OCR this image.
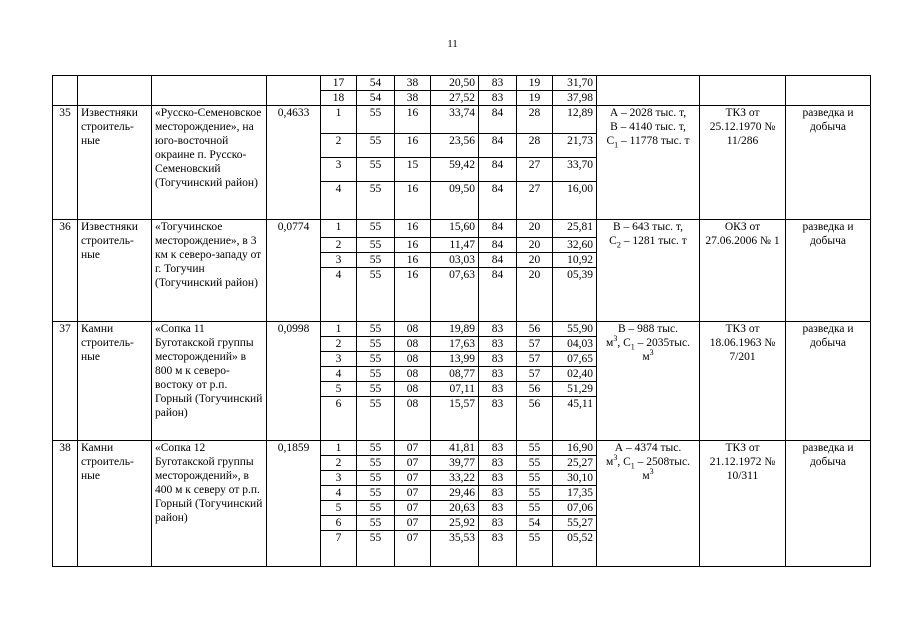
11
				17	54	38	20,50	83	19	31,70			
				18	54	38	27,52	83	19	37,98			
35	Известняки строитель-ные	«Русско-Семеновское месторождение», на юго-восточной окраине п. Русско-Семеновский (Тогучинский район)	0,4633	1	55	16	33,74	84	28	12,89	А – 2028 тыс. т,
В – 4140 тыс. т,
$С_1 - 11778$ тыс. т	ТКЗ от 25.12.1970 № 11/286	разведка и добыча
				2	55	16	23,56	84	28	21,73			
				3	55	15	59,42	84	27	33,70			
				4	55	16	09,50	84	27	16,00			
36	Известняки строитель-ные	«Тогучинское месторождение», в 3 км к северо-западу от г. Тогучин (Тогучинский район)	0,0774	1	55	16	15,60	84	20	25,81	В – 643 тыс. т,
$С_2 - 1281$ тыс. т	ОКЗ от 27.06.2006 № 1	разведка и добыча
				2	55	16	11,47	84	20	32,60			
				3	55	16	03,03	84	20	10,92			
				4	55	16	07,63	84	20	05,39			
37	Камни строитель-ные	«Сопка 11 Буготакской группы месторождений» в 800 м к северо-востоку от р.п. Горный (Тогучинский район)	0,0998	1	55	08	19,89	83	56	55,90	В – 988 тыс.
$м^3$, $С_1 - 2035тыс$. $м^3$	ТКЗ от 18.06.1963 № 7/201	разведка и добыча
				2	55	08	17,63	83	57	04,03			
				3	55	08	13,99	83	57	07,65			
				4	55	08	08,77	83	57	02,40			
				5	55	08	07,11	83	56	51,29			
				6	55	08	15,57	83	56	45,11			
38	Камни строитель-ные	«Сопка 12 Буготакской группы месторождений», в 400 м к северу от р.п. Горный (Тогучинский район)	0,1859	1	55	07	41,81	83	55	16,90	А – 4374 тыс.
$м^3$, $С_1 - 2508тыс$. $м^3$	ТКЗ от 21.12.1972 № 10/311	разведка и добыча
				2	55	07	39,77	83	55	25,27			
				3	55	07	33,22	83	55	30,10			
				4	55	07	29,46	83	55	17,35			
				5	55	07	20,63	83	55	07,06			
				6	55	07	25,92	83	54	55,27			
				7	55	07	35,53	83	55	05,52			
